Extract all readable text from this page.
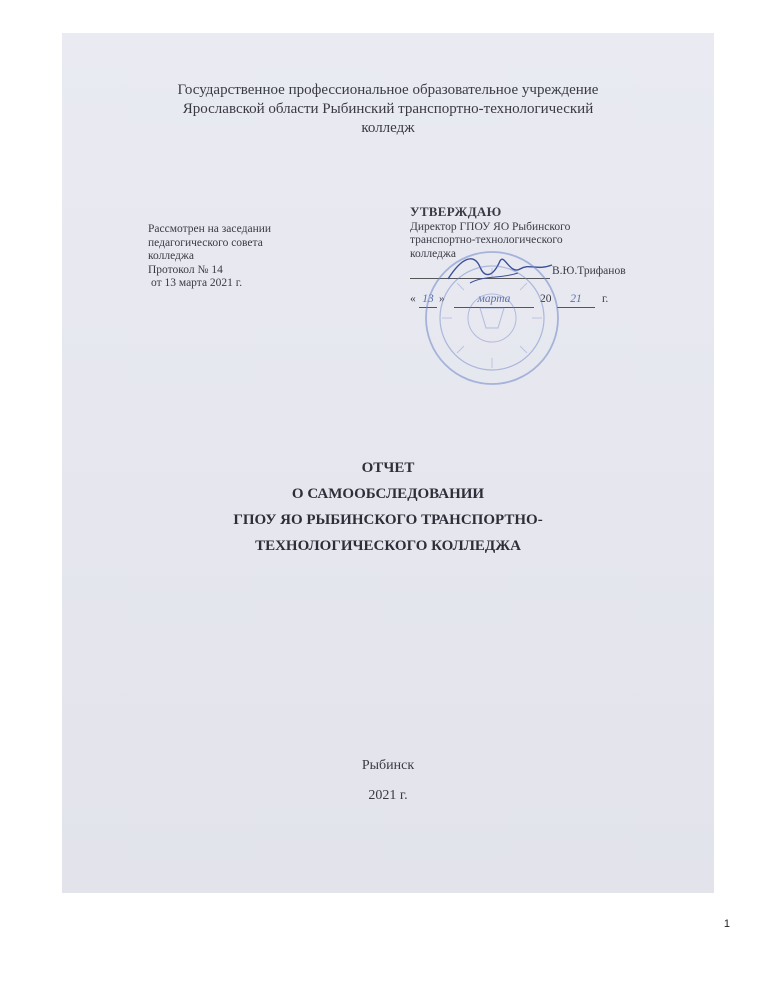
Государственное профессиональное образовательное учреждение
Ярославской области Рыбинский транспортно-технологический
колледж
Рассмотрен на заседании
педагогического совета
колледжа
Протокол № 14
от 13 марта 2021 г.
УТВЕРЖДАЮ
Директор ГПОУ ЯО Рыбинского
транспортно-технологического
колледжа
В.Ю.Трифанов
« 13 »	марта	20	21	г.
ОТЧЕТ
О САМООБСЛЕДОВАНИИ
ГПОУ ЯО РЫБИНСКОГО ТРАНСПОРТНО-
ТЕХНОЛОГИЧЕСКОГО КОЛЛЕДЖА
Рыбинск
2021 г.
1
